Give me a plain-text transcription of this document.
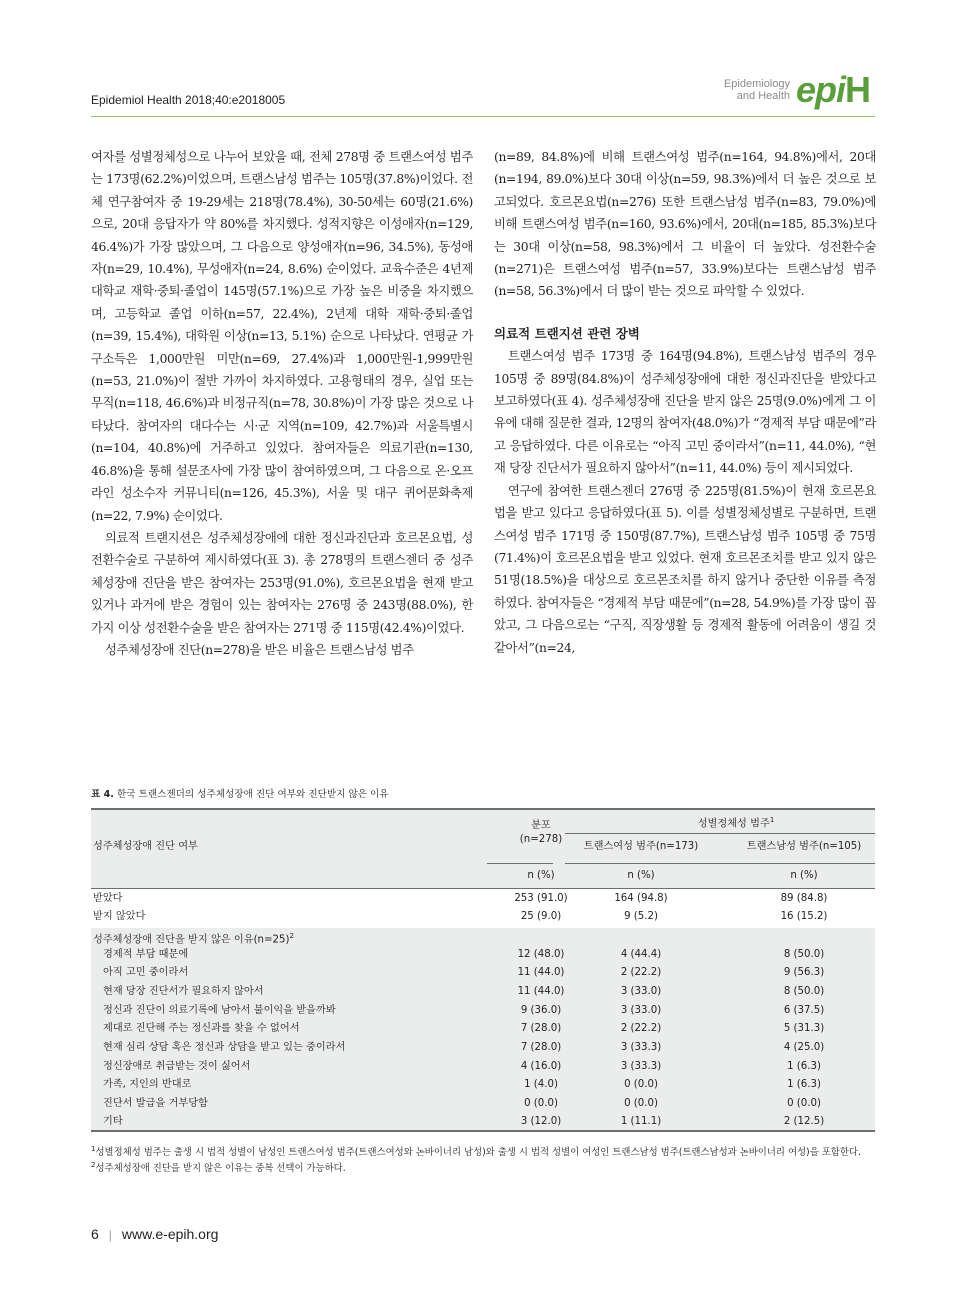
Epidemiol Health 2018;40:e2018005
Epidemiology
and Health epiH

여자를 성별정체성으로 나누어 보았을 때, 전체 278명 중 트랜스여성 범주는 173명(62.2%)이었으며, 트랜스남성 범주는 105명(37.8%)이었다. 전체 연구참여자 중 19-29세는 218명(78.4%), 30-50세는 60명(21.6%)으로, 20대 응답자가 약 80%를 차지했다. 성적지향은 이성애자(n=129, 46.4%)가 가장 많았으며, 그 다음으로 양성애자(n=96, 34.5%), 동성애자(n=29, 10.4%), 무성애자(n=24, 8.6%) 순이었다. 교육수준은 4년제 대학교 재학·중퇴·졸업이 145명(57.1%)으로 가장 높은 비중을 차지했으며, 고등학교 졸업 이하(n=57, 22.4%), 2년제 대학 재학·중퇴·졸업(n=39, 15.4%), 대학원 이상(n=13, 5.1%) 순으로 나타났다. 연평균 가구소득은 1,000만원 미만(n=69, 27.4%)과 1,000만원-1,999만원(n=53, 21.0%)이 절반 가까이 차지하였다. 고용형태의 경우, 실업 또는 무직(n=118, 46.6%)과 비정규직(n=78, 30.8%)이 가장 많은 것으로 나타났다. 참여자의 대다수는 시·군 지역(n=109, 42.7%)과 서울특별시(n=104, 40.8%)에 거주하고 있었다. 참여자들은 의료기관(n=130, 46.8%)을 통해 설문조사에 가장 많이 참여하였으며, 그 다음으로 온·오프라인 성소수자 커뮤니티(n=126, 45.3%), 서울 및 대구 퀴어문화축제(n=22, 7.9%) 순이었다.

의료적 트랜지션은 성주체성장애에 대한 정신과진단과 호르몬요법, 성전환수술로 구분하여 제시하였다(표 3). 총 278명의 트랜스젠더 중 성주체성장애 진단을 받은 참여자는 253명(91.0%), 호르몬요법을 현재 받고 있거나 과거에 받은 경험이 있는 참여자는 276명 중 243명(88.0%), 한 가지 이상 성전환수술을 받은 참여자는 271명 중 115명(42.4%)이었다.

성주체성장애 진단(n=278)을 받은 비율은 트랜스남성 범주

(n=89, 84.8%)에 비해 트랜스여성 범주(n=164, 94.8%)에서, 20대(n=194, 89.0%)보다 30대 이상(n=59, 98.3%)에서 더 높은 것으로 보고되었다. 호르몬요법(n=276) 또한 트랜스남성 범주(n=83, 79.0%)에 비해 트랜스여성 범주(n=160, 93.6%)에서, 20대(n=185, 85.3%)보다는 30대 이상(n=58, 98.3%)에서 그 비율이 더 높았다. 성전환수술(n=271)은 트랜스여성 범주(n=57, 33.9%)보다는 트랜스남성 범주(n=58, 56.3%)에서 더 많이 받는 것으로 파악할 수 있었다.

의료적 트랜지션 관련 장벽

트랜스여성 범주 173명 중 164명(94.8%), 트랜스남성 범주의 경우 105명 중 89명(84.8%)이 성주체성장애에 대한 정신과진단을 받았다고 보고하였다(표 4). 성주체성장애 진단을 받지 않은 25명(9.0%)에게 그 이유에 대해 질문한 결과, 12명의 참여자(48.0%)가 “경제적 부담 때문에”라고 응답하였다. 다른 이유로는 “아직 고민 중이라서”(n=11, 44.0%), “현재 당장 진단서가 필요하지 않아서”(n=11, 44.0%) 등이 제시되었다.

연구에 참여한 트랜스젠더 276명 중 225명(81.5%)이 현재 호르몬요법을 받고 있다고 응답하였다(표 5). 이를 성별정체성별로 구분하면, 트랜스여성 범주 171명 중 150명(87.7%), 트랜스남성 범주 105명 중 75명(71.4%)이 호르몬요법을 받고 있었다. 현재 호르몬조치를 받고 있지 않은 51명(18.5%)을 대상으로 호르몬조치를 하지 않거나 중단한 이유를 측정하였다. 참여자들은 “경제적 부담 때문에”(n=28, 54.9%)를 가장 많이 꼽았고, 그 다음으로는 “구직, 직장생활 등 경제적 활동에 어려움이 생길 것 같아서”(n=24,

표 4. 한국 트랜스젠더의 성주체성장애 진단 여부와 진단받지 않은 이유
성주체성장애 진단 여부
분포
(n=278)
성별정체성 범주$^1$
트랜스여성 범주(n=173)	트랜스남성 범주(n=105)
n (%)	n (%)	n (%)
받았다	253 (91.0)	164 (94.8)	89 (84.8)
받지 않았다	25 (9.0)	9 (5.2)	16 (15.2)
성주체성장애 진단을 받지 않은 이유(n=25)$^2$
경제적 부담 때문에	12 (48.0)	4 (44.4)	8 (50.0)
아직 고민 중이라서	11 (44.0)	2 (22.2)	9 (56.3)
현재 당장 진단서가 필요하지 않아서	11 (44.0)	3 (33.0)	8 (50.0)
정신과 진단이 의료기록에 남아서 불이익을 받을까봐	9 (36.0)	3 (33.0)	6 (37.5)
제대로 진단해 주는 정신과를 찾을 수 없어서	7 (28.0)	2 (22.2)	5 (31.3)
현재 심리 상담 혹은 정신과 상담을 받고 있는 중이라서	7 (28.0)	3 (33.3)	4 (25.0)
정신장애로 취급받는 것이 싫어서	4 (16.0)	3 (33.3)	1 (6.3)
가족, 지인의 반대로	1 (4.0)	0 (0.0)	1 (6.3)
진단서 발급을 거부당함	0 (0.0)	0 (0.0)	0 (0.0)
기타	3 (12.0)	1 (11.1)	2 (12.5)
$^1$성별정체성 범주는 출생 시 법적 성별이 남성인 트랜스여성 범주(트랜스여성와 논바이너리 남성)와 출생 시 법적 성별이 여성인 트랜스남성 범주(트랜스남성과 논바이너리 여성)을 포함한다.
$^2$성주체성장애 진단을 받지 않은 이유는 중복 선택이 가능하다.
6 | www.e-epih.org
